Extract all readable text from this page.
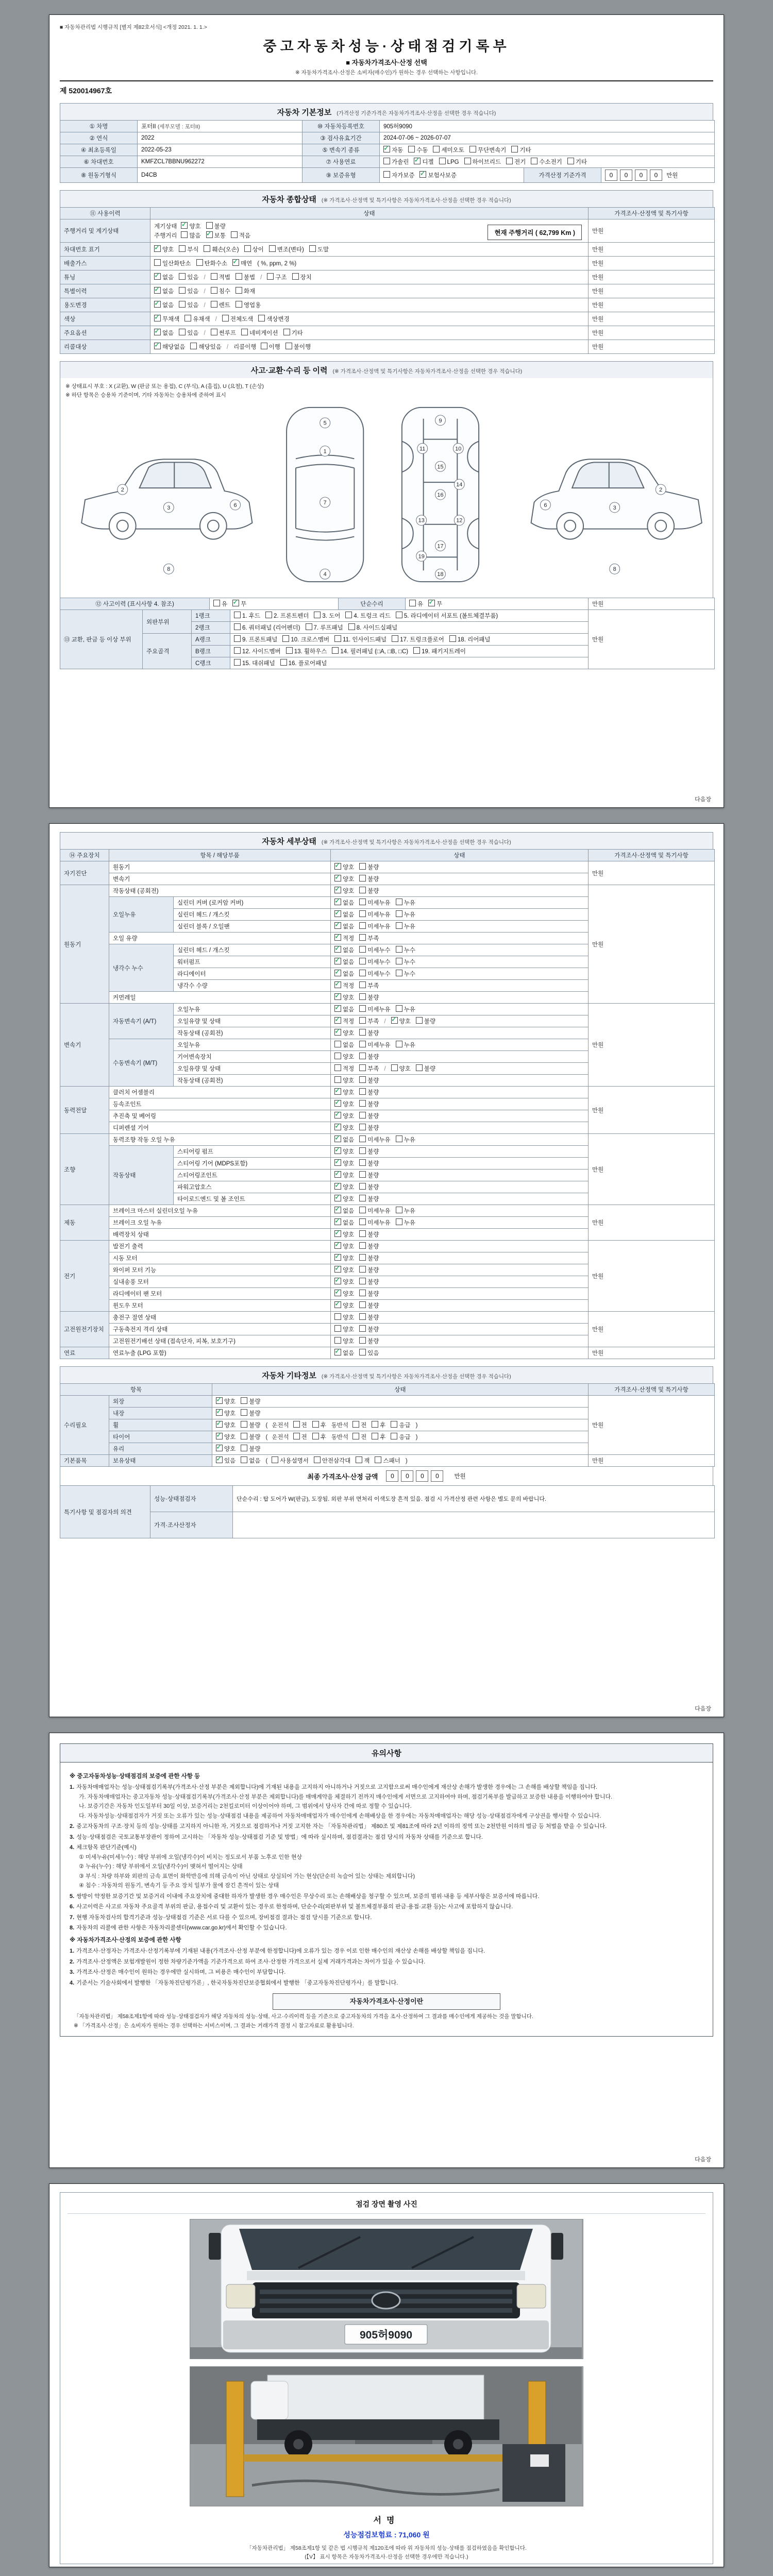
■ 자동차관리법 시행규칙 [별지 제82호서식] <개정 2021. 1. 1.>
중고자동차성능·상태점검기록부
■ 자동차가격조사·산정 선택
※ 자동차가격조사·산정은 소비자(매수인)가 원하는 경우 선택하는 사항입니다.
제 520014967호
자동차 기본정보 (가격산정 기준가격은 자동차가격조사·산정을 선택한 경우 적습니다)
① 차명	포터II (세부모델 : 포터II)	⑩ 자동차등록번호	905허9090		
② 연식	2022	③ 검사유효기간	2024-07-06 ~ 2026-07-07		
④ 최초등록일	2022-05-23	⑤ 변속기 종류	✓자동 수동 세미오토 무단변속기 기타
⑥ 차대번호	KMFZCL7BBNU962272	⑦ 사용연료	가솔린 ✓ 디젤 LPG 하이브리드 전기 수소전기 기타
⑧ 원동기형식	D4CB	⑨ 보증유형	자가보증 ✓ 보험사보증	가격산정 기준가격	0 0 0 0 만원
자동차 종합상태 (※ 가격조사·산정액 및 특기사항은 자동차가격조사·산정을 선택한 경우 적습니다)
⑪ 사용이력	상태	가격조사·산정액 및 특기사항
주행거리 및 계기상태	계기상태 ✓ 양호 불량
주행거리 많음 ✓ 보통 적음 현재 주행거리 ( 62,799 Km )	만원
차대번호 표기	
✓양호 부식 훼손(오손) 상이 변조(변타) 도말	만원
배출가스	일산화탄소 탄화수소 ✓ 매연 ( %, ppm, 2 %)	만원
튜닝	
✓없음 있음 / 적법 불법 / 구조 장치	만원
특별이력	
✓없음 있음 / 침수 화재	만원
용도변경	
✓없음 있음 / 렌트 영업용	만원
색상	
✓무채색 유채색 / 전체도색 색상변경	만원
주요옵션	
✓없음 있음 / 썬루프 네비게이션 기타	만원
리콜대상	
✓해당없음 해당있음 / 리콜이행 이행 불이행	만원
사고·교환·수리 등 이력 (※ 가격조사·산정액 및 특기사항은 자동차가격조사·산정을 선택한 경우 적습니다)
※ 상태표시 부호 : X (교환), W (판금 또는 용접), C (부식), A (흠집), U (요철), T (손상)
※ 하단 항목은 승용차 기준이며, 기타 자동차는 승용차에 준하여 표시
1
2
3
4
5
6	7
8
9
10
11
12
13
14
15
16
17
18
19
2
3
6
8
⑫ 사고이력 (표시사항 4. 참조)	유 ✓ 무	단순수리	유 ✓ 무	만원
⑬ 교환, 판금 등 이상 부위	외판부위	1랭크	1. 후드 2. 프론트펜더 3. 도어 4. 트렁크 리드 5. 라디에이터 서포트 (볼트체결부품)	만원
		2랭크	6. 쿼터패널 (리어펜더) 7. 루프패널 8. 사이드실패널	
	주요골격	A랭크	9. 프론트패널 10. 크로스멤버 11. 인사이드패널 17. 트렁크플로어 18. 리어패널	
		B랭크	12. 사이드멤버 13. 휠하우스 14. 필러패널 (□A, □B, □C) 19. 패키지트레이	
		C랭크	15. 대쉬패널 16. 플로어패널	
다음장
자동차 세부상태 (※ 가격조사·산정액 및 특기사항은 자동차가격조사·산정을 선택한 경우 적습니다)
⑭ 주요장치	항목 / 해당부품		상태	가격조사·산정액 및 특기사항
자기진단	원동기	✓양호 불량	만원
	변속기	✓양호 불량
원동기	작동상태 (공회전)	✓양호 불량	만원
	오일누유	실린더 커버 (로커암 커버)	✓없음 미세누유 누유
		실린더 헤드 / 개스킷	✓없음 미세누유 누유
		실린더 블록 / 오일팬	✓없음 미세누유 누유
	오일 유량	✓적정 부족
	냉각수 누수	실린더 헤드 / 개스킷	✓없음 미세누수 누수
		워터펌프	✓없음 미세누수 누수
		라디에이터	✓없음 미세누수 누수
		냉각수 수량	✓적정 부족
	커먼레일	✓양호 불량
변속기	자동변속기 (A/T)	오일누유	✓없음 미세누유 누유	만원
		오일유량 및 상태	✓적정 부족 / ✓ 양호 불량
		작동상태 (공회전)	✓양호 불량
	수동변속기 (M/T)	오일누유	없음 미세누유 누유	
		기어변속장치	양호 불량	
		오일유량 및 상태	적정 부족 / 양호 불량	
		작동상태 (공회전)	양호 불량	
동력전달	클러치 어셈블리	✓양호 불량	만원
	등속조인트	✓양호 불량
	추진축 및 베어링	✓양호 불량
	디퍼렌셜 기어	✓양호 불량
조향	동력조향 작동 오일 누유	✓없음 미세누유 누유	만원
	작동상태	스티어링 펌프	✓양호 불량
		스티어링 기어 (MDPS포함)	✓양호 불량
		스티어링조인트	✓양호 불량
		파워고압호스	✓양호 불량
		타이로드엔드 및 볼 조인트	✓양호 불량
제동	브레이크 마스터 실린더오일 누유	✓없음 미세누유 누유	만원
	브레이크 오일 누유	✓없음 미세누유 누유
	배력장치 상태	✓양호 불량
전기	발전기 출력	✓양호 불량	만원
	시동 모터	✓양호 불량
	와이퍼 모터 기능	✓양호 불량
	실내송풍 모터	✓양호 불량
	라디에이터 팬 모터	✓양호 불량
	윈도우 모터	✓양호 불량
고전원전기장치	충전구 절연 상태		양호 불량	만원
	구동축전지 격리 상태		양호 불량	
	고전원전기배선 상태 (접속단자, 피복, 보호기구)		양호 불량	
연료	연료누출 (LPG 포함)	✓없음 있음	만원
자동차 기타정보 (※ 가격조사·산정액 및 특기사항은 자동차가격조사·산정을 선택한 경우 적습니다)
항목		상태	가격조사·산정액 및 특기사항
수리필요	외장	✓양호 불량	만원
	내장	✓양호 불량
	휠	✓양호 불량 ( 운전석 전 후 동반석 전 후 응급 )
	타이어	✓양호 불량 ( 운전석 전 후 동반석 전 후 응급 )
	유리	✓양호 불량
기본품목	보유상태	✓있음 없음 ( 사용설명서 안전삼각대 잭 스패너 )	만원
최종 가격조사·산정 금액	0 0 0 0	만원
특기사항 및 점검자의 의견	성능·상태점검자	단순수리 : 탑 도어가 W(판금), 도장됨. 외판 부위 면처리 이색도장 흔적 있음. 점검 시 가격산정 관련 사항은 별도 문의 바랍니다.
	가격·조사산정자	
다음장
유의사항
※ 중고자동차성능·상태점검의 보증에 관한 사항 등
1. 자동차매매업자는 성능·상태점검기록부(가격조사·산정 부분은 제외합니다)에 기재된 내용을 고지하지 아니하거나 거짓으로 고지함으로써 매수인에게 재산상 손해가 발생한 경우에는 그 손해를 배상할 책임을 집니다.
가. 자동차매매업자는 중고자동차 성능·상태점검기록부(가격조사·산정 부분은 제외합니다)를 매매계약을 체결하기 전까지 매수인에게 서면으로 고지하여야 하며, 점검기록부를 발급하고 보증한 내용을 이행하여야 합니다.
나. 보증기간은 자동차 인도일부터 30일 이상, 보증거리는 2천킬로미터 이상이어야 하며, 그 범위에서 당사자 간에 따로 정할 수 있습니다.
다. 자동차성능·상태점검자가 거짓 또는 오류가 있는 성능·상태점검 내용을 제공하여 자동차매매업자가 매수인에게 손해배상을 한 경우에는 자동차매매업자는 해당 성능·상태점검자에게 구상권을 행사할 수 있습니다.
2. 중고자동차의 구조·장치 등의 성능·상태를 고지하지 아니한 자, 거짓으로 점검하거나 거짓 고지한 자는 「자동차관리법」 제80조 및 제81조에 따라 2년 이하의 징역 또는 2천만원 이하의 벌금 등 처벌을 받을 수 있습니다.
3. 성능·상태점검은 국토교통부장관이 정하여 고시하는 「자동차 성능·상태점검 기준 및 방법」에 따라 실시하며, 점검결과는 점검 당시의 자동차 상태를 기준으로 합니다.
4. 체크항목 판단기준(예시)
① 미세누유(미세누수) : 해당 부위에 오일(냉각수)이 비치는 정도로서 부품 노후로 인한 현상
② 누유(누수) : 해당 부위에서 오일(냉각수)이 맺혀서 떨어지는 상태
③ 부식 : 차량 하부와 외판의 금속 표면이 화학반응에 의해 금속이 아닌 상태로 상실되어 가는 현상(단순히 녹슬어 있는 상태는 제외합니다)
④ 침수 : 자동차의 원동기, 변속기 등 주요 장치 일부가 물에 잠긴 흔적이 있는 상태
5. 쌍방이 약정한 보증기간 및 보증거리 이내에 주요장치에 중대한 하자가 발생한 경우 매수인은 무상수리 또는 손해배상을 청구할 수 있으며, 보증의 범위·내용 등 세부사항은 보증서에 따릅니다.
6. 사고이력은 사고로 자동차 주요골격 부위의 판금, 용접수리 및 교환이 있는 경우로 한정하며, 단순수리(외판부위 및 볼트체결부품의 판금·용접·교환 등)는 사고에 포함하지 않습니다.
7. 현행 자동차검사의 합격기준과 성능·상태점검 기준은 서로 다를 수 있으며, 장비점검 결과는 점검 당시를 기준으로 합니다.
8. 자동차의 리콜에 관한 사항은 자동차리콜센터(www.car.go.kr)에서 확인할 수 있습니다.
※ 자동차가격조사·산정의 보증에 관한 사항
1. 가격조사·산정자는 가격조사·산정기록부에 기재된 내용(가격조사·산정 부분에 한정합니다)에 오류가 있는 경우 이로 인한 매수인의 재산상 손해를 배상할 책임을 집니다.
2. 가격조사·산정액은 보험개발원이 정한 차량기준가액을 기준가격으로 하여 조사·산정한 가격으로서 실제 거래가격과는 차이가 있을 수 있습니다.
3. 가격조사·산정은 매수인이 원하는 경우에만 실시하며, 그 비용은 매수인이 부담합니다.
4. 기준서는 기술사회에서 발행한 「자동차진단평가론」, 한국자동차진단보증협회에서 발행한 「중고자동차진단평가사」를 말합니다.
자동차가격조사·산정이란
「자동차관리법」 제58조제1항에 따라 성능·상태점검자가 해당 자동차의 성능·상태, 사고·수리이력 등을 기준으로 중고자동차의 가격을 조사·산정하여 그 결과를 매수인에게 제공하는 것을 말합니다.
※ 「가격조사·산정」은 소비자가 원하는 경우 선택하는 서비스이며, 그 결과는 거래가격 결정 시 참고자료로 활용됩니다.
다음장
점검 장면 촬영 사진
905허9090
서명
성능점검보험료 : 71,060 원
「자동차관리법」 제58조제1항 및 같은 법 시행규칙 제120조에 따라 위 자동차의 성능·상태를 점검하였음을 확인합니다.
(【V】 표시 항목은 자동차가격조사·산정을 선택한 경우에만 적습니다.)
